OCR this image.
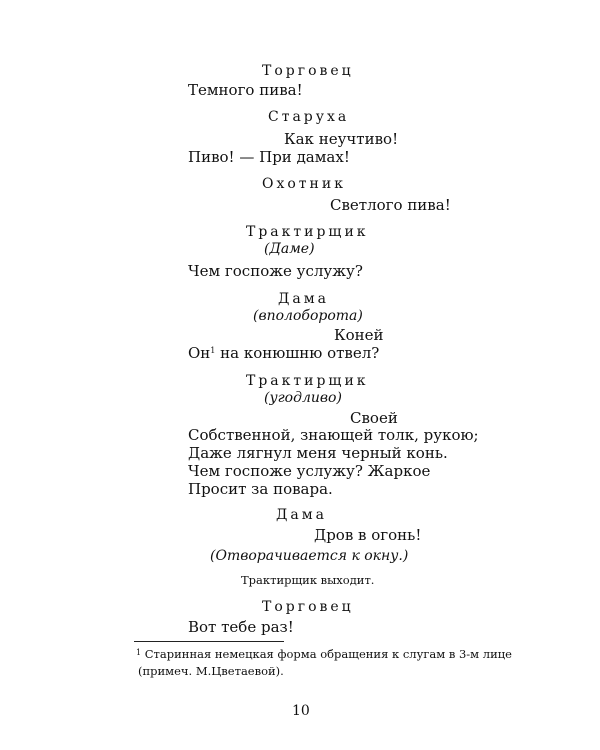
Торговец
Темного пива!
Старуха
Как неучтиво!
Пиво! — При дамах!
Охотник
Светлого пива!
Трактирщик
(Даме)
Чем госпоже услужу?
Дама
(вполоборота)
Коней
$Он^1$ на конюшню отвел?
Трактирщик
(угодливо)
Своей
Собственной, знающей толк, рукою;
Даже лягнул меня черный конь.
Чем госпоже услужу? Жаркое
Просит за повара.
Дама
Дров в огонь!
(Отворачивается к окну.)
Трактирщик выходит.
Торговец
Вот тебе раз!
$^1$ Старинная немецкая форма обращения к слугам в 3-м лице
(примеч. М.Цветаевой).
10
